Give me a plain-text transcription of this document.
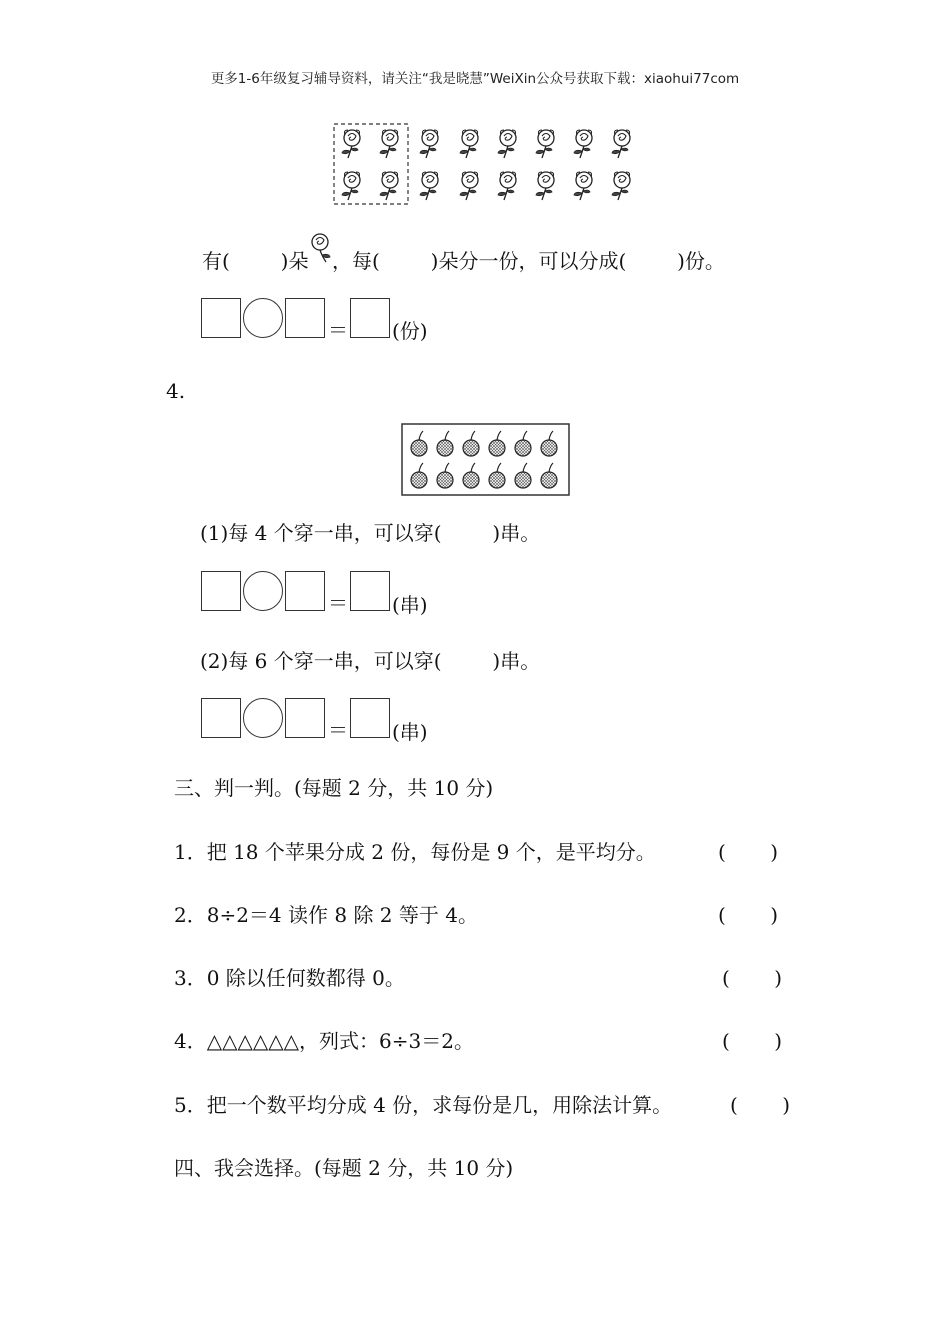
更多1-6年级复习辅导资料，请关注“我是晓慧”WeiXin公众号获取下载：xiaohui77com
有(        )朵 ，每(        )朵分一份，可以分成(        )份。
＝ (份)
4.
(1)每 4 个穿一串，可以穿(        )串。
＝ (串)
(2)每 6 个穿一串，可以穿(        )串。
＝ (串)
三、判一判。(每题 2 分，共 10 分)
1．把 18 个苹果分成 2 份，每份是 9 个，是平均分。	(       )
2．8÷2＝4 读作 8 除 2 等于 4。	(       )
3．0 除以任何数都得 0。	(       )
4．△△△△△△，列式：6÷3＝2。	(       )
5．把一个数平均分成 4 份，求每份是几，用除法计算。	(       )
四、我会选择。(每题 2 分，共 10 分)
